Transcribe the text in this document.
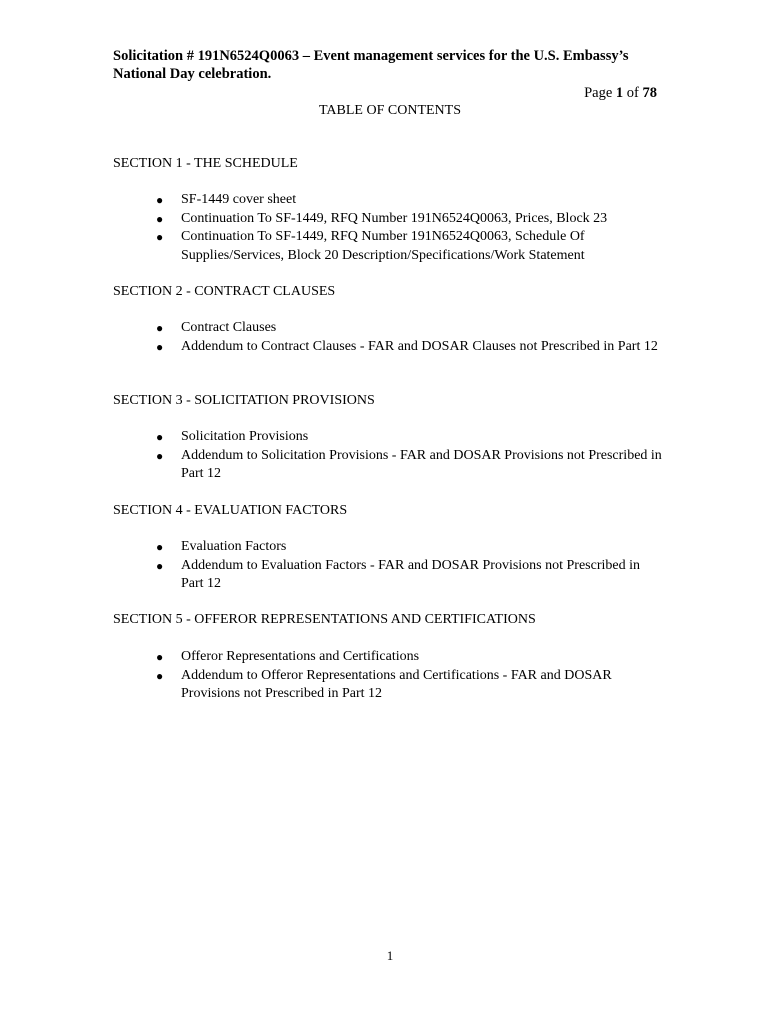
Solicitation # 191N6524Q0063 – Event management services for the U.S. Embassy’s National Day celebration.
Page 1 of 78
TABLE OF CONTENTS
SECTION 1 - THE SCHEDULE
● SF-1449 cover sheet
● Continuation To SF-1449, RFQ Number 191N6524Q0063, Prices, Block 23
● Continuation To SF-1449, RFQ Number 191N6524Q0063, Schedule Of Supplies/Services, Block 20 Description/Specifications/Work Statement
SECTION 2 - CONTRACT CLAUSES
● Contract Clauses
● Addendum to Contract Clauses - FAR and DOSAR Clauses not Prescribed in Part 12
SECTION 3 - SOLICITATION PROVISIONS
● Solicitation Provisions
● Addendum to Solicitation Provisions - FAR and DOSAR Provisions not Prescribed in Part 12
SECTION 4 - EVALUATION FACTORS
● Evaluation Factors
● Addendum to Evaluation Factors - FAR and DOSAR Provisions not Prescribed in Part 12
SECTION 5 - OFFEROR REPRESENTATIONS AND CERTIFICATIONS
● Offeror Representations and Certifications
● Addendum to Offeror Representations and Certifications - FAR and DOSAR Provisions not Prescribed in Part 12
1
